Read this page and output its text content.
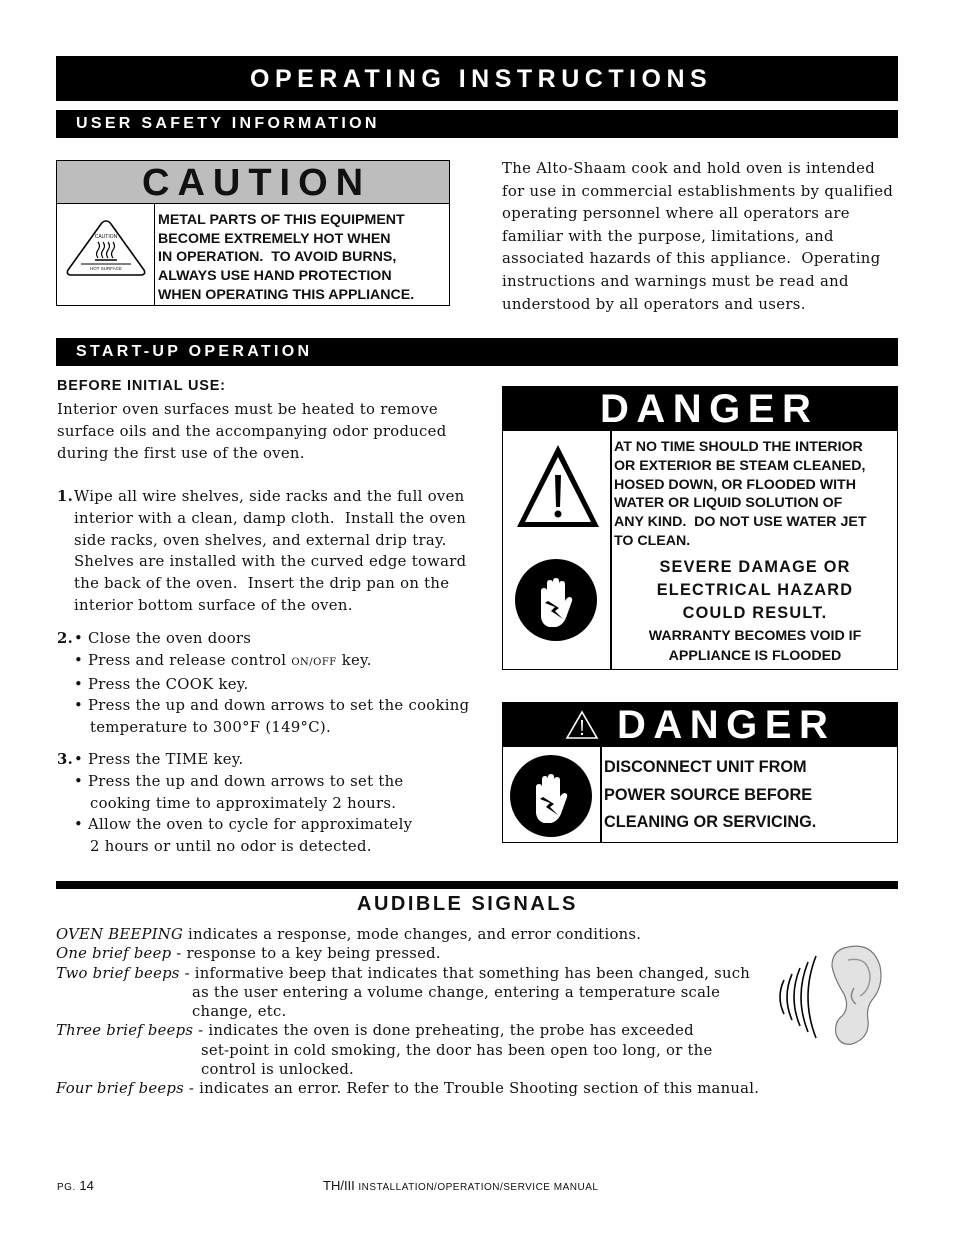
OPERATING INSTRUCTIONS
USER SAFETY INFORMATION
CAUTION
CAUTION
HOT SURFACE
METAL PARTS OF THIS EQUIPMENT
BECOME EXTREMELY HOT WHEN
IN OPERATION.  TO AVOID BURNS,
ALWAYS USE HAND PROTECTION
WHEN OPERATING THIS APPLIANCE.
The Alto-Shaam cook and hold oven is intended
for use in commercial establishments by qualified
operating personnel where all operators are
familiar with the purpose, limitations, and
associated hazards of this appliance.  Operating
instructions and warnings must be read and
understood by all operators and users.
START-UP OPERATION
BEFORE INITIAL USE:
Interior oven surfaces must be heated to remove
surface oils and the accompanying odor produced
during the first use of the oven.
1. Wipe all wire shelves, side racks and the full oven
interior with a clean, damp cloth.  Install the oven
side racks, oven shelves, and external drip tray.
Shelves are installed with the curved edge toward
the back of the oven.  Insert the drip pan on the
interior bottom surface of the oven.
2. • Close the oven doors
• Press and release control ON/OFF key.
• Press the COOK key.
• Press the up and down arrows to set the cooking
temperature to 300°F (149°C).
3. • Press the TIME key.
• Press the up and down arrows to set the
cooking time to approximately 2 hours.
• Allow the oven to cycle for approximately
2 hours or until no odor is detected.
DANGER
AT NO TIME SHOULD THE INTERIOR
OR EXTERIOR BE STEAM CLEANED,
HOSED DOWN, OR FLOODED WITH
WATER OR LIQUID SOLUTION OF
ANY KIND.  DO NOT USE WATER JET
TO CLEAN.
SEVERE DAMAGE OR
ELECTRICAL HAZARD
COULD RESULT.
WARRANTY BECOMES VOID IF
APPLIANCE IS FLOODED
DANGER
DISCONNECT UNIT FROM
POWER SOURCE BEFORE
CLEANING OR SERVICING.
AUDIBLE SIGNALS
OVEN BEEPING indicates a response, mode changes, and error conditions.
One brief beep - response to a key being pressed.
Two brief beeps - informative beep that indicates that something has been changed, such
as the user entering a volume change, entering a temperature scale
change, etc.
Three brief beeps - indicates the oven is done preheating, the probe has exceeded
set-point in cold smoking, the door has been open too long, or the
control is unlocked.
Four brief beeps - indicates an error. Refer to the Trouble Shooting section of this manual.
PG. 14	TH/III INSTALLATION/OPERATION/SERVICE MANUAL
